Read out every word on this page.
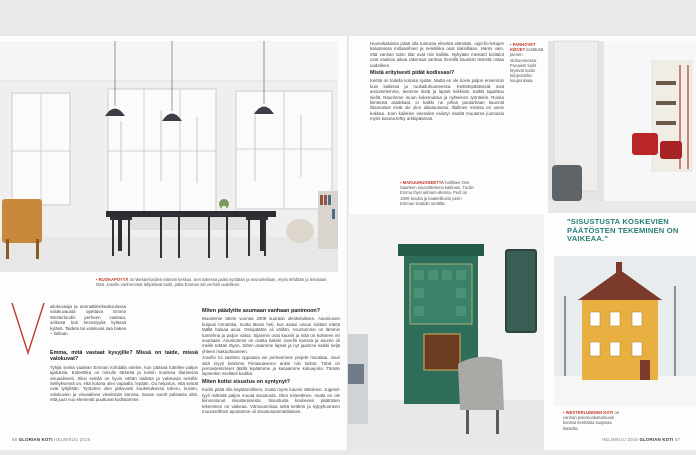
▪ RUOKAPÖYTÄ on Westerlundien elämän keskus. Sen ääressä paitsi syödään ja seurustellaan, myös tehdään ja leivotaan töitä. Josefin vanhemmat lahjoittivat tuolit, jotka Emman äiti verhoili uudelleen.

aliokuvaaja ja ammattikorkeakoulussa valokuvausta opettava Emma Westerlundin perheen vaaleaa, selkeää koti henostyyliä kylässä kyläsä. Taideta tai valokuvia saa hakea – tiellaan.

Emma, mitä vastaat kysyjille? Missä on taide, missä valokuvat?

Tyhjiä seiniä vaalean Emman kohdalla mielen, kun päässä tuttellee paljon ajatuksia. Esteettika on minulle tärkeää ja toimin monissa tilanteissa visuaalisesti. Siksi seinilä on hyvin vähän taidetta ja valokuvia seinillä. Selityksensä on, että kotona olen vapaalla, lepään. Ou helpotus, että seinät ovat tyhjillään. Työtoleni olen jatkuvasti kuuketuksissa tuhero, kuvien, valokuvien ja visuaalisen viestinnän kanssa. Susan suerit palstasia siitä, että juuri nuo elementit puuttuvat kodistamme.

Miten päädyitte asumaan vanhaan panimoon?

Muutimme tänne vuonna 2009 suoraan oleskeluiksen. Asumiunen kuipuai romanttia, mutta tässin heti, kun asiasi ovuun siistäin ettetä täällä haluaa asua. Ostopäätös oli välitön. Asuntomme on lämmin tunnelma ja paljon valoa. Sijainnin ovat kauniit ja niitä on kolmeen eri suuntaan. Asuntomme on ovalta kaksin Josefin kanssa ja asunto oli meille tetään täysn. Sitten asiamme lapset ja nyt jaamme kaikki neljä yhteen makuuhuoneen.

Josefin toi vastinto oppaasia vie perheemme projekt muutitaa. Jouri siitä sryyti kotimme Pietasuasemo ankin niin tieltoit. Tänä on persaidentimiset täällä lepäämme ja kasaamme kokuejoria. Tämän lapsenkin mielitteli kodiksi.

Miten kotisi sisustus on syntynyt?

Kodin pitää olla käytännöllinen, mutta myös kaunis näköinen. Jugend-tyyli mäkistä paljon muuta sisustusta. Olen esteettinen, mutta en ole kiinnostunut sisustamisesta. Sisustusta koskevien päätösten tekeminen on vaikeaa. Värisuunnissa sekä keittiön ja kylpyhuoneen muunnelthien aputamme oli sisustusammattilainen.

66 GLORIAN KOTI HELMIKUU 2016

Huonekaluissa pitää olla tunturaa elevintä elämään, oppi-fio-lukujen kalusteissa mittaasihnet ja neletiikka osat kaksilliaan. Harmi vain, että vanhan talon tilat ovat niin kalliita. Nykyään mestarit kotitalot ovat vaativia aikaa rakentaa vanhaa hereillä kauniisti tietestä ostaa uudelleen.

Mistä erityisesti pidät kodissasi?

Keittiö on todella kotoisa sydän. Mutta en ole kovin paljon ennenmin kuin kaikissa ja ruokailuhuoneessa. Keittiönpäätöksiä ovat arviumelemme, teemme tiistä ja lapset leikkivät. Kaikki tapahtuu siellä. Naurimme muun kokemuksia ja nyhteinen työntekin. Ruoka kiinteistä asiakkaat, ei kaikki ne pihan puutarhaan kaunniit liitannaiset eivät ole ylen aikataulussa. Illallinen meissa en usein kokkaa. Joon kaikkien vieraiden esiintyi sisaltä muutama juomasia myös kotona tehty arkkipäivissä.

▪ PARHOVET KIEVET kestävää pienen olohuoneessa. Punaiset tuolit löysivät kodin kirpputorilta kaupunkiala.

▪ MAKUUHUONEETTA hallitsee Ove Saarisen suunnittelema kakluuni. Tuolin Emma löysi aitmaS-ulkonta. Pedi on 1800-luvulta ja kaakelikuvin perin Emman isoäidin sedältä.

"SISUSTUSTA KOSKEVIEN PÄÄTÖSTEN TEKEMINEN ON VAIKEAA."

▪ WESTERLUNDIEN KOTI on vanhan palomuokatunkuusi koossa kenttästa suopeaa katselta.

HELMIKUU 2016 GLORIAN KOTI 67
